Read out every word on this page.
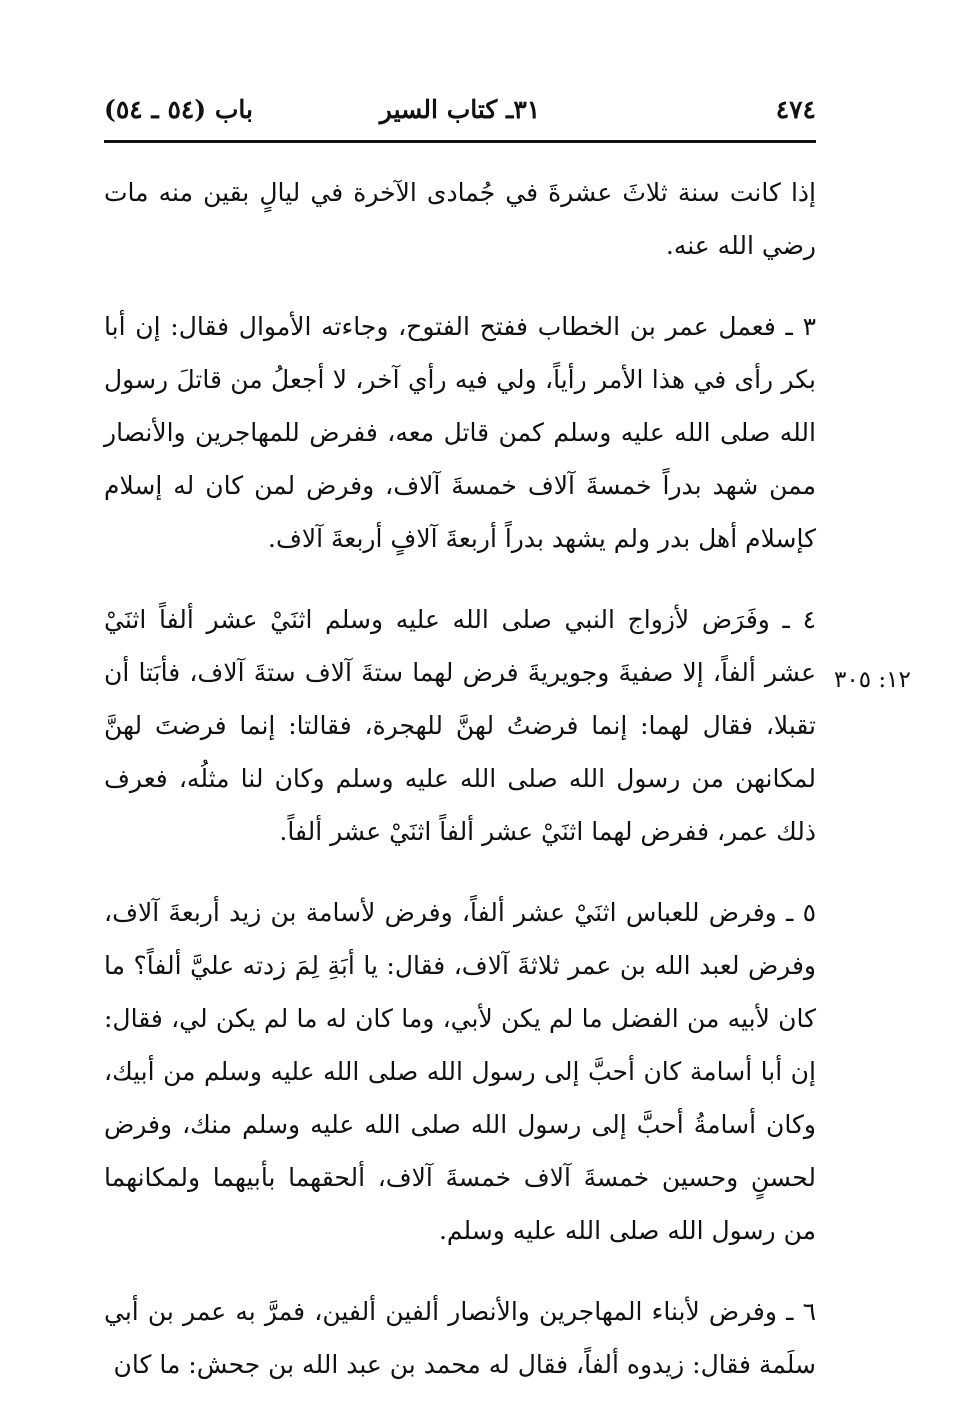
٤٧٤
٣١ـ كتاب السير
باب (٥٤ ـ ٥٤)
١٢: ٣٠٥

إذا كانت سنة ثلاثَ عشرةَ في جُمادى الآخرة في ليالٍ بقين منه مات رضي الله عنه.

٣ ـ فعمل عمر بن الخطاب ففتح الفتوح، وجاءته الأموال فقال: إن أبا بكر رأى في هذا الأمر رأياً، ولي فيه رأي آخر، لا أجعلُ من قاتلَ رسول الله صلى الله عليه وسلم كمن قاتل معه، ففرض للمهاجرين والأنصار ممن شهد بدراً خمسةَ آلاف خمسةَ آلاف، وفرض لمن كان له إسلام كإسلام أهل بدر ولم يشهد بدراً أربعةَ آلافٍ أربعةَ آلاف.

٤ ـ وفَرَض لأزواج النبي صلى الله عليه وسلم اثنَيْ عشر ألفاً اثنَيْ عشر ألفاً، إلا صفيةَ وجويريةَ فرض لهما ستةَ آلاف ستةَ آلاف، فأبَتا أن تقبلا، فقال لهما: إنما فرضتُ لهنَّ للهجرة، فقالتا: إنما فرضتَ لهنَّ لمكانهن من رسول الله صلى الله عليه وسلم وكان لنا مثلُه، فعرف ذلك عمر، ففرض لهما اثنَيْ عشر ألفاً اثنَيْ عشر ألفاً.

٥ ـ وفرض للعباس اثنَيْ عشر ألفاً، وفرض لأسامة بن زيد أربعةَ آلاف، وفرض لعبد الله بن عمر ثلاثةَ آلاف، فقال: يا أبَةِ لِمَ زدته عليَّ ألفاً؟ ما كان لأبيه من الفضل ما لم يكن لأبي، وما كان له ما لم يكن لي، فقال: إن أبا أسامة كان أحبَّ إلى رسول الله صلى الله عليه وسلم من أبيك، وكان أسامةُ أحبَّ إلى رسول الله صلى الله عليه وسلم منك، وفرض لحسنٍ وحسين خمسةَ آلاف خمسةَ آلاف، ألحقهما بأبيهما ولمكانهما من رسول الله صلى الله عليه وسلم.

٦ ـ وفرض لأبناء المهاجرين والأنصار ألفين ألفين، فمرَّ به عمر بن أبي سلَمة فقال: زيدوه ألفاً، فقال له محمد بن عبد الله بن جحش: ما كان
